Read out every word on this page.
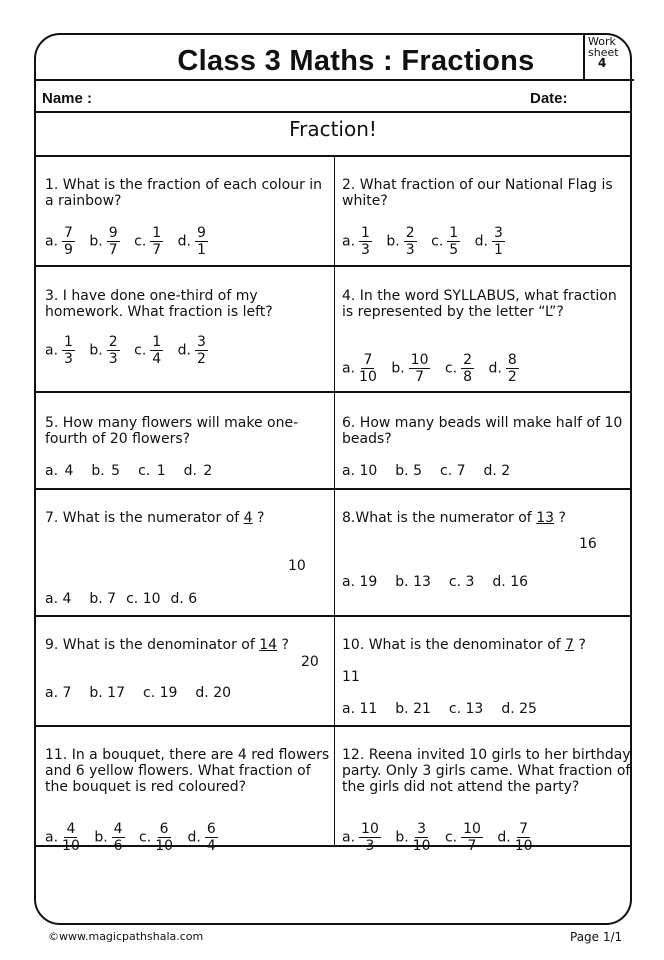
Class 3 Maths : Fractions
Work sheet
4
Name :	Date:
Fraction!
1. What is the fraction of each colour in a rainbow?
a. $\frac{7}{9} b$. $\frac{9}{7} c$. $\frac{1}{7} d$. $\frac{9}{1}$
2. What fraction of our National Flag is white?
a. $\frac{1}{3} b$. $\frac{2}{3} c$. $\frac{1}{5} d$. $\frac{3}{1}$
3. I have done one-third of my homework. What fraction is left?
a. $\frac{1}{3} b$. $\frac{2}{3} c$. $\frac{1}{4} d$. $\frac{3}{2}$
4. In the word SYLLABUS, what fraction is represented by the letter “L”?
a. $\frac{7}{10} b$. $\frac{10}{7} c$. $\frac{2}{8} d$. $\frac{8}{2}$
5. How many flowers will make one-fourth of 20 flowers?
a. 4 b. 5 c. 1 d. 2
6. How many beads will make half of 10 beads?
a. 10 b. 5 c. 7 d. 2
7. What is the numerator of 4 ?
10
a. 4 b. 7 c. 10 d. 6
8.What is the numerator of 13 ?
16
a. 19 b. 13 c. 3 d. 16
9. What is the denominator of 14 ?
20
a. 7 b. 17 c. 19 d. 20
10. What is the denominator of 7 ?
11
a. 11 b. 21 c. 13 d. 25
11. In a bouquet, there are 4 red flowers and 6 yellow flowers. What fraction of the bouquet is red coloured?
a. $\frac{4}{10} b$. $\frac{4}{6} c$. $\frac{6}{10} d$. $\frac{6}{4}$
12. Reena invited 10 girls to her birthday party. Only 3 girls came. What fraction of the girls did not attend the party?
a. $\frac{10}{3} b$. $\frac{3}{10} c$. $\frac{10}{7} d$. $\frac{7}{10}$
©www.magicpathshala.com	Page 1/1
